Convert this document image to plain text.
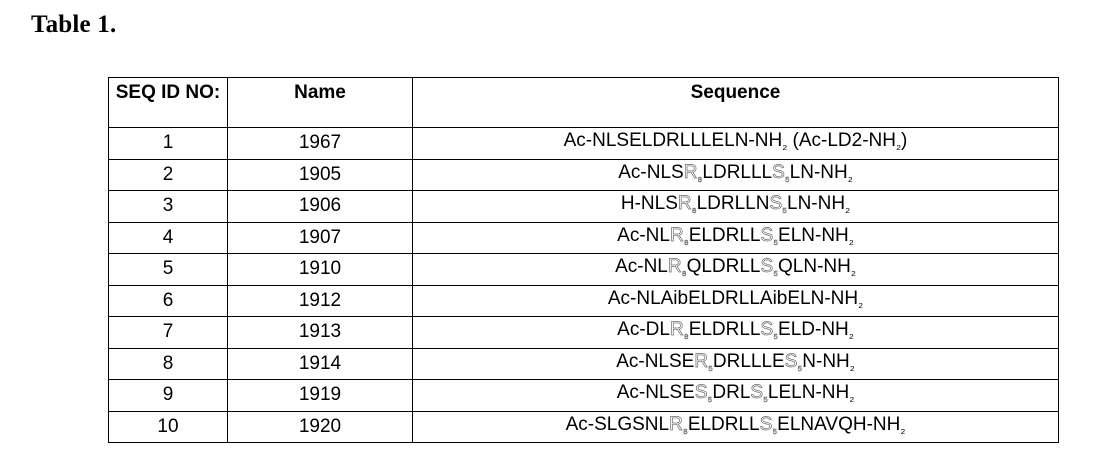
Table 1.
SEQ ID NO:	Name	Sequence
1	1967	$Ac-NLSELDRLLLELN-NH_{_2}$ $(Ac-LD2-NH_{_2})$
2	1905	$Ac-NLSR_8LDRLLLS_5LN-NH_{_2}$
3	1906	$H-NLSR_8LDRLLNS_5LN-NH_{_2}$
4	1907	$Ac-NLR_8ELDRLLS_5ELN-NH_{_2}$
5	1910	$Ac-NLR_8QLDRLLS_5QLN-NH_{_2}$
6	1912	$Ac-NLAibELDRLLAibELN-NH_{_2}$
7	1913	$Ac-DLR_8ELDRLLS_5ELD-NH_{_2}$
8	1914	$Ac-NLSER_5DRLLLES_5N-NH_{_2}$
9	1919	$Ac-NLSES_5DRLS_5LELN-NH_{_2}$
10	1920	$Ac-SLGSNLR_8ELDRLLS_5ELNAVQH-NH_{_2}$
